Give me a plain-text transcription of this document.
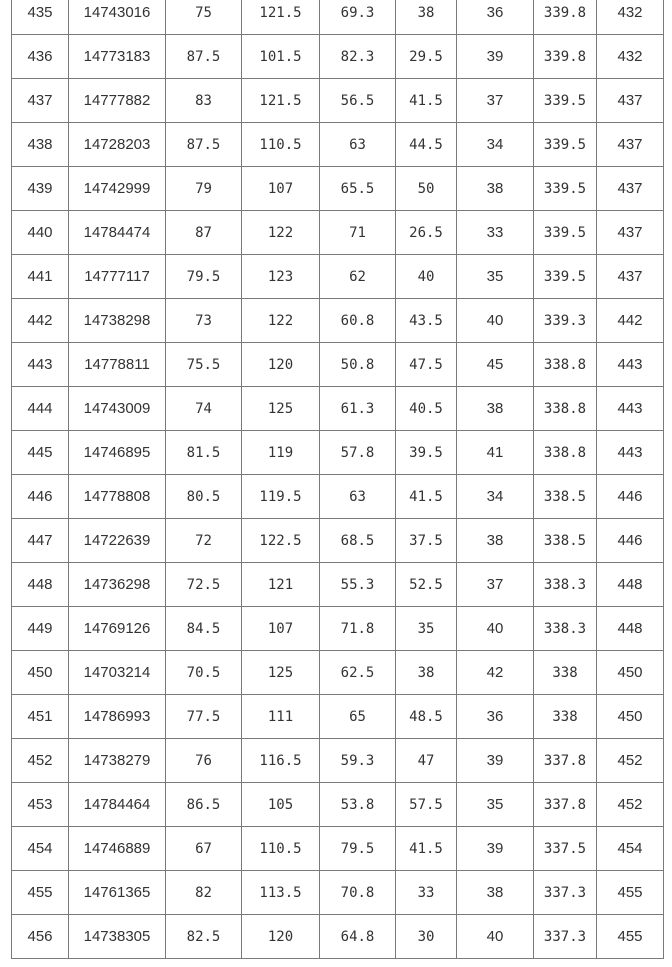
435	14743016	75	121.5	69.3	38	36	339.8	432
436	14773183	87.5	101.5	82.3	29.5	39	339.8	432
437	14777882	83	121.5	56.5	41.5	37	339.5	437
438	14728203	87.5	110.5	63	44.5	34	339.5	437
439	14742999	79	107	65.5	50	38	339.5	437
440	14784474	87	122	71	26.5	33	339.5	437
441	14777117	79.5	123	62	40	35	339.5	437
442	14738298	73	122	60.8	43.5	40	339.3	442
443	14778811	75.5	120	50.8	47.5	45	338.8	443
444	14743009	74	125	61.3	40.5	38	338.8	443
445	14746895	81.5	119	57.8	39.5	41	338.8	443
446	14778808	80.5	119.5	63	41.5	34	338.5	446
447	14722639	72	122.5	68.5	37.5	38	338.5	446
448	14736298	72.5	121	55.3	52.5	37	338.3	448
449	14769126	84.5	107	71.8	35	40	338.3	448
450	14703214	70.5	125	62.5	38	42	338	450
451	14786993	77.5	111	65	48.5	36	338	450
452	14738279	76	116.5	59.3	47	39	337.8	452
453	14784464	86.5	105	53.8	57.5	35	337.8	452
454	14746889	67	110.5	79.5	41.5	39	337.5	454
455	14761365	82	113.5	70.8	33	38	337.3	455
456	14738305	82.5	120	64.8	30	40	337.3	455
